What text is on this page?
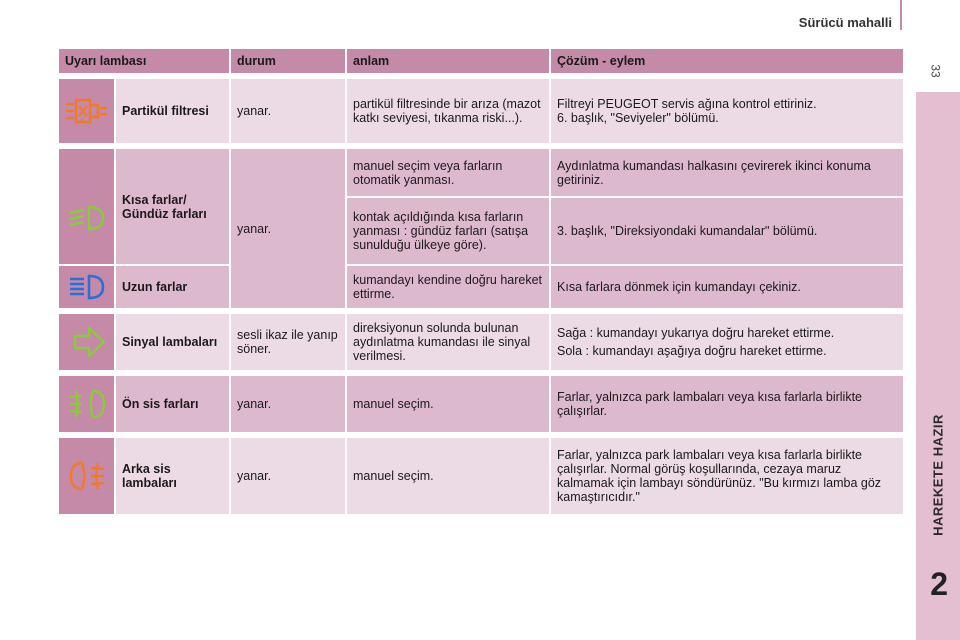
Sürücü mahalli
33
HAREKETE HAZIR
2
Uyarı lambası		durum	anlam	Çözüm - eylem

	Partikül filtresi	yanar.	partikül filtresinde bir arıza (mazot katkı seviyesi, tıkanma riski...).	Filtreyi PEUGEOT servis ağına kontrol ettiriniz.

6. başlık, "Seviyeler" bölümü.

	Kısa farlar/ Gündüz farları	yanar.	manuel seçim veya farların otomatik yanması.	Aydınlatma kumandası halkasını çevirerek ikinci konuma getiriniz.
			kontak açıldığında kısa farların yanması : gündüz farları (satışa sunulduğu ülkeye göre).	3. başlık, "Direksiyondaki kumandalar" bölümü.

	Uzun farlar		kumandayı kendine doğru hareket ettirme.	Kısa farlara dönmek için kumandayı çekiniz.

	Sinyal lambaları	sesli ikaz ile yanıp söner.	direksiyonun solunda bulunan aydınlatma kumandası ile sinyal verilmesi.	Sağa : kumandayı yukarıya doğru hareket ettirme.

Sola : kumandayı aşağıya doğru hareket ettirme.

	Ön sis farları	yanar.	manuel seçim.	Farlar, yalnızca park lambaları veya kısa farlarla birlikte çalışırlar.

	Arka sis lambaları	yanar.	manuel seçim.	Farlar, yalnızca park lambaları veya kısa farlarla birlikte çalışırlar. Normal görüş koşullarında, cezaya maruz kalmamak için lambayı söndürünüz. "Bu kırmızı lamba göz kamaştırıcıdır."
